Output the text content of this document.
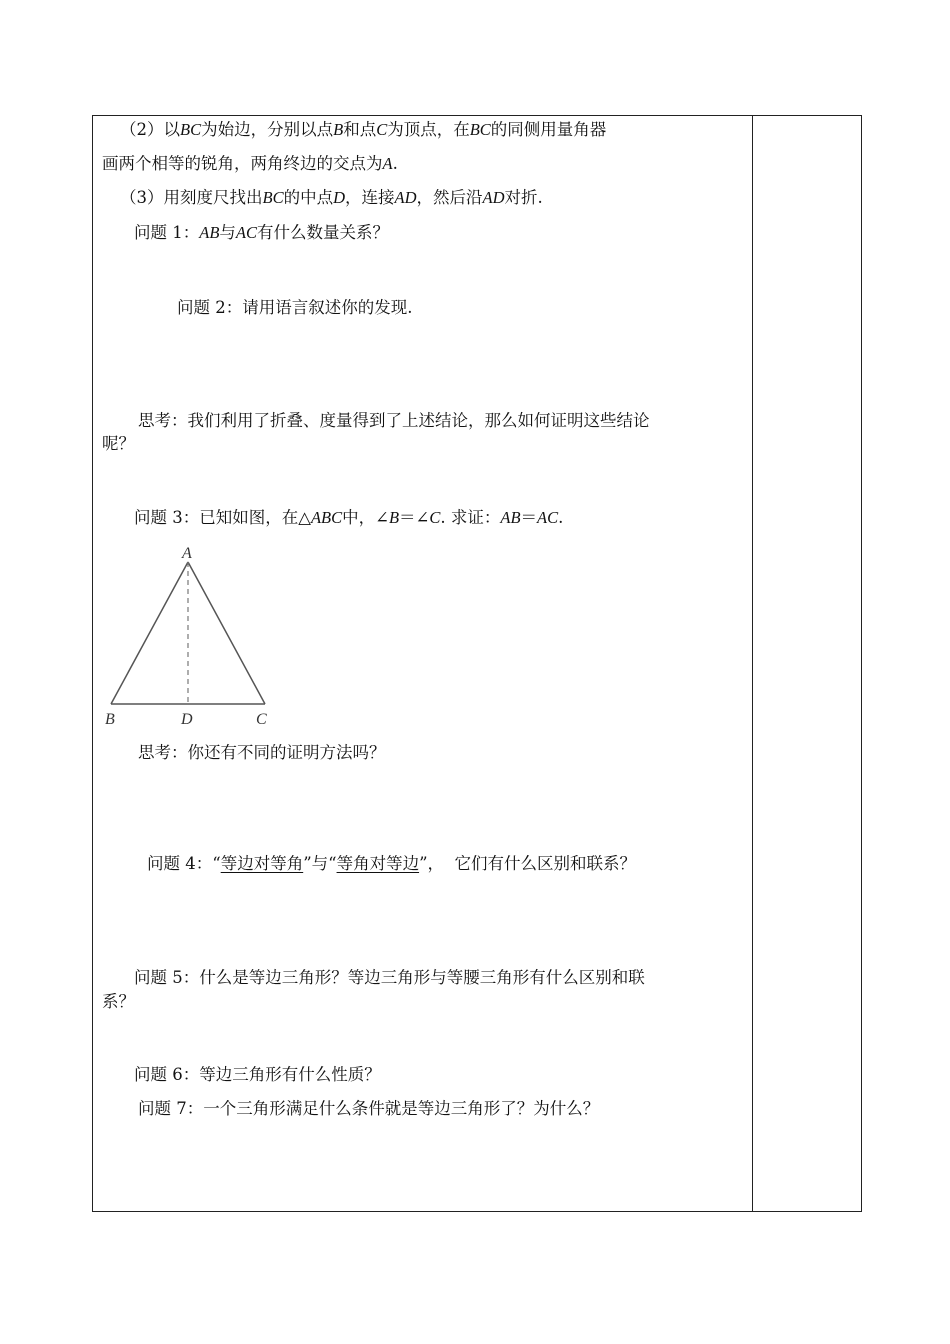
（2）以BC为始边，分别以点B和点C为顶点，在BC的同侧用量角器
画两个相等的锐角，两角终边的交点为A.
（3）用刻度尺找出BC的中点D，连接AD，然后沿AD对折.
问题 1：AB与AC有什么数量关系？
问题 2：请用语言叙述你的发现.
思考：我们利用了折叠、度量得到了上述结论，那么如何证明这些结论
呢？
问题 3：已知如图，在△ABC中，∠B＝∠C. 求证：AB＝AC.
A
B	D	C
思考：你还有不同的证明方法吗？
问题 4：“等边对等角”与“等角对等边”，  它们有什么区别和联系？
问题 5：什么是等边三角形？等边三角形与等腰三角形有什么区别和联
系？
问题 6：等边三角形有什么性质？
问题 7：一个三角形满足什么条件就是等边三角形了？为什么？
